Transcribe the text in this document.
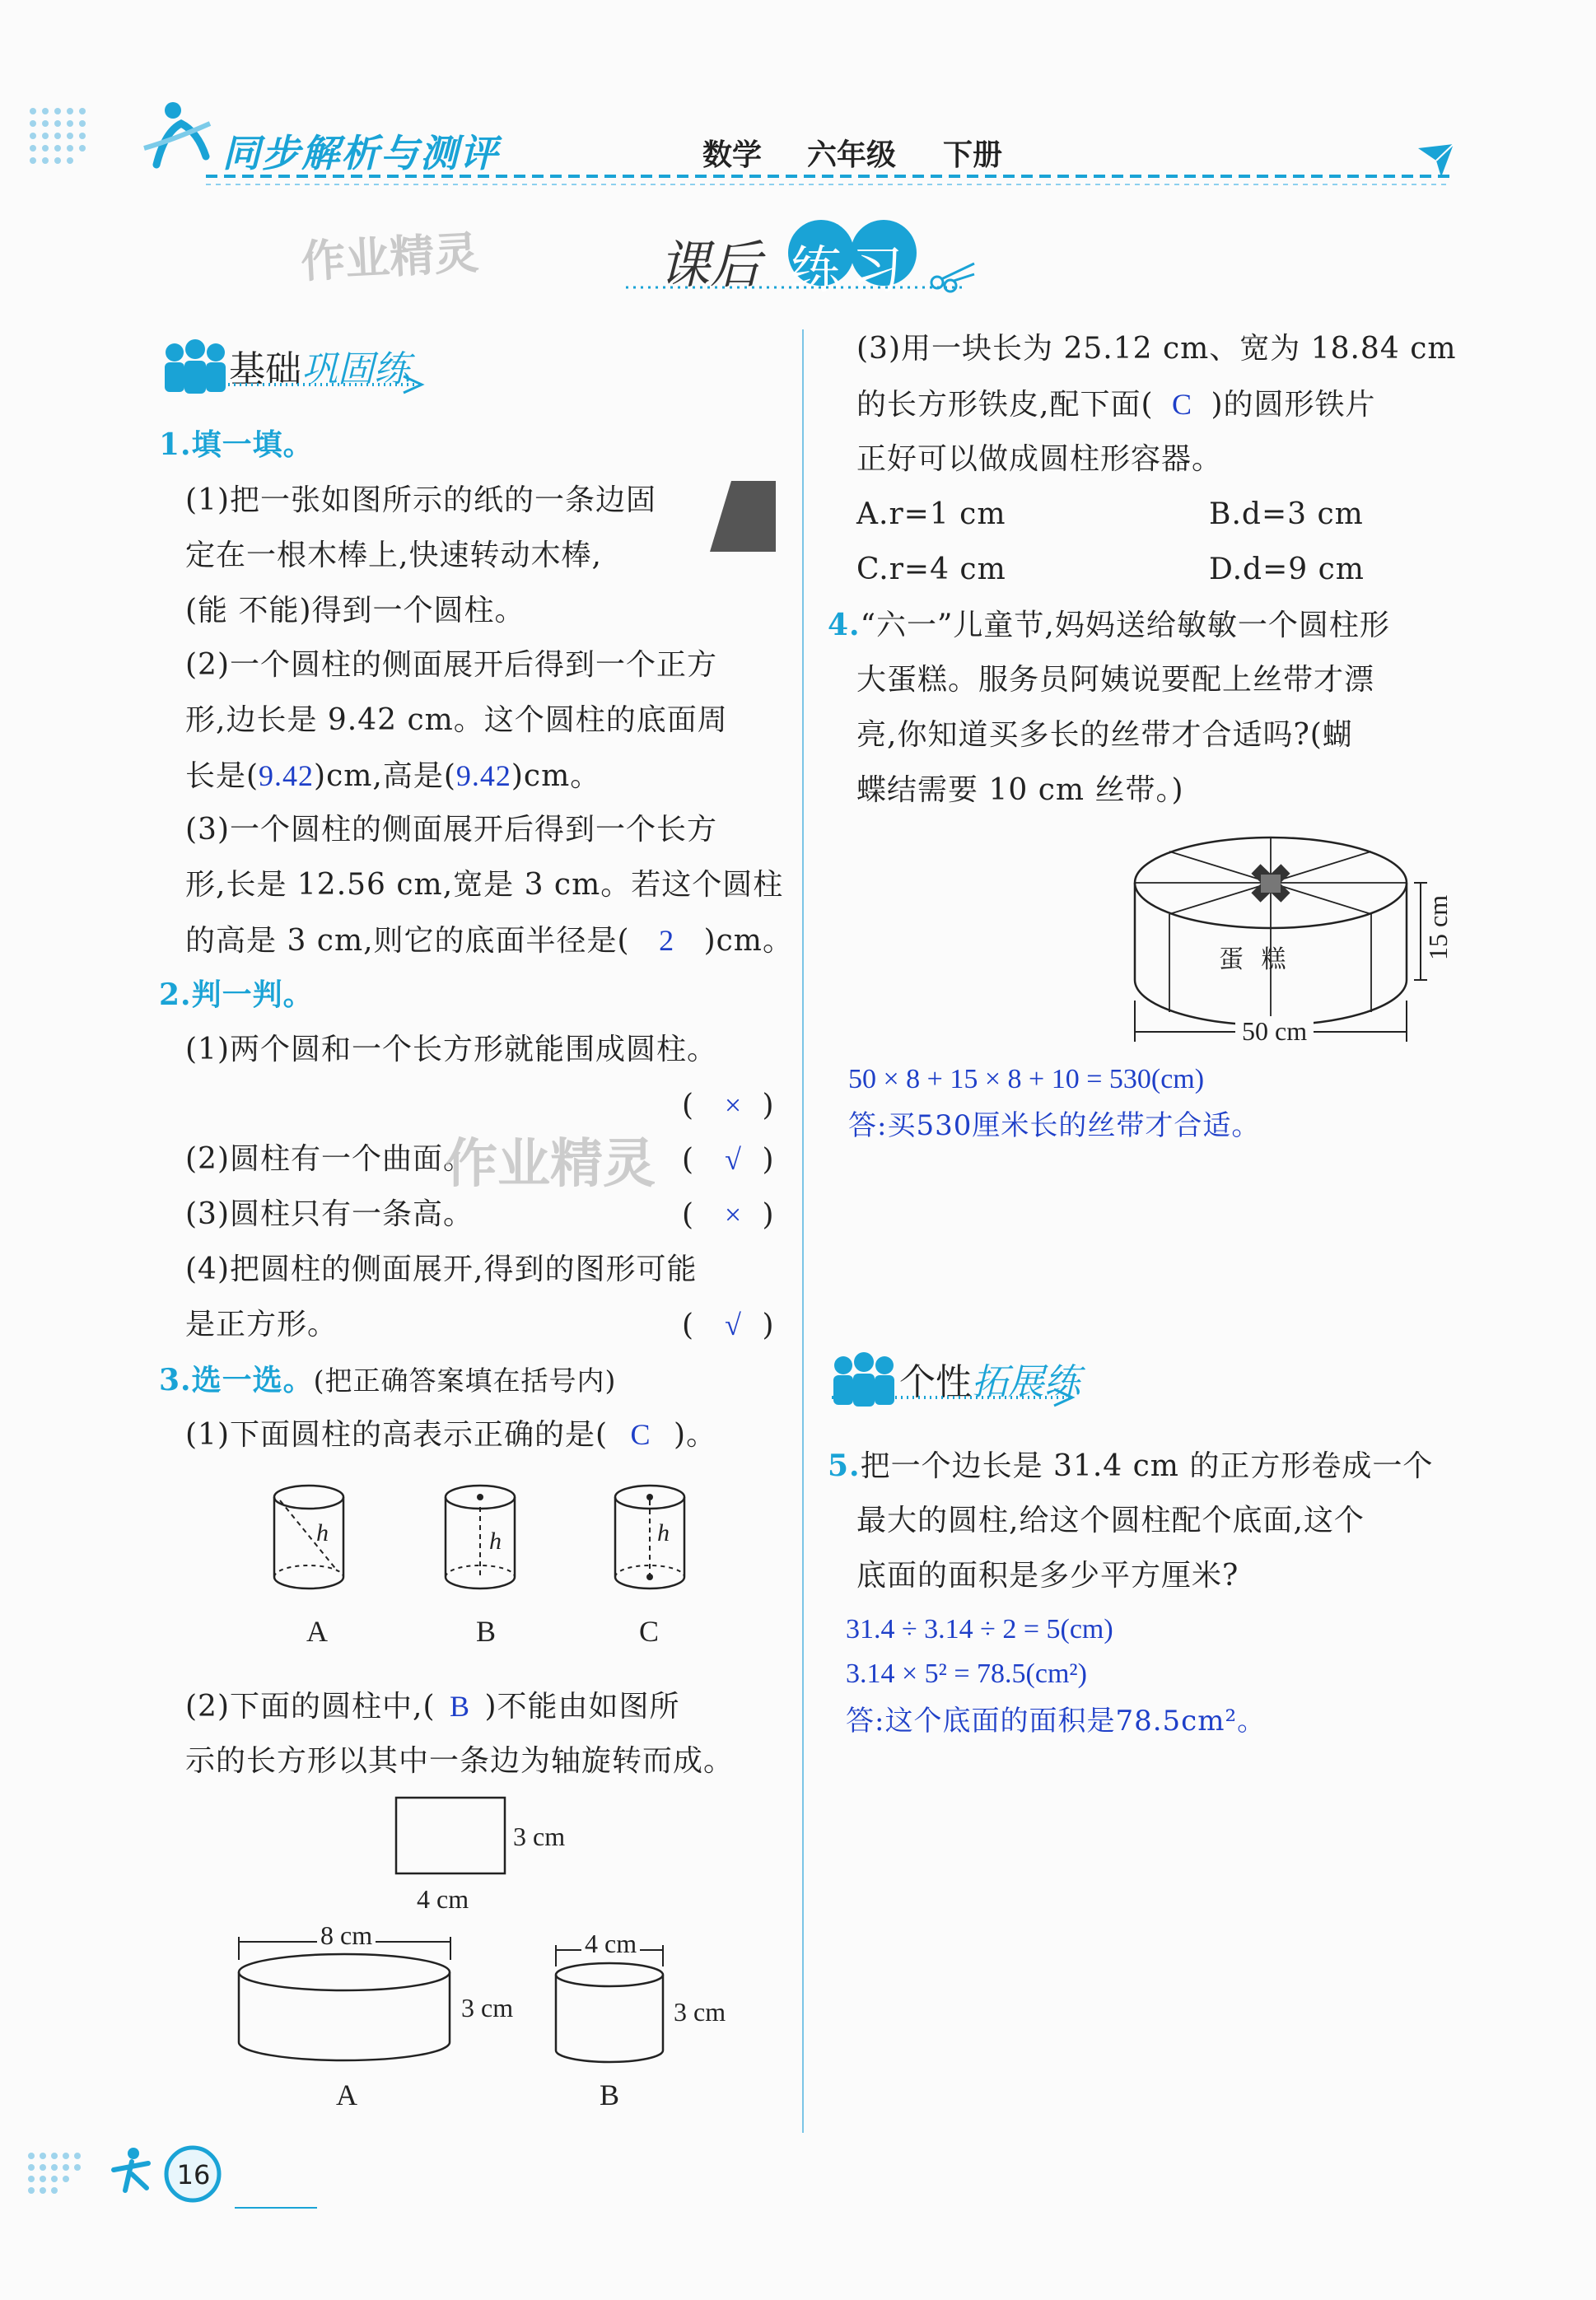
同步解析与测评	数学 六年级 下册
作业精灵	课后 练习
基础巩固练
1.填一填。
(1)把一张如图所示的纸的一条边固
定在一根木棒上,快速转动木棒,
(能 不能)得到一个圆柱。
(2)一个圆柱的侧面展开后得到一个正方
形,边长是 9.42 cm。这个圆柱的底面周
长是(9.42)cm,高是(9.42)cm。
(3)一个圆柱的侧面展开后得到一个长方
形,长是 12.56 cm,宽是 3 cm。若这个圆柱
的高是 3 cm,则它的底面半径是( 2 )cm。
2.判一判。
(1)两个圆和一个长方形就能围成圆柱。
( × )
(2)圆柱有一个曲面。
作业精灵 ( √ )
(3)圆柱只有一条高。	( × )
(4)把圆柱的侧面展开,得到的图形可能
是正方形。	( √ )
3.选一选。(把正确答案填在括号内)
(1)下面圆柱的高表示正确的是( C )。
h
A
h
B
h
C
(2)下面的圆柱中,( B )不能由如图所
示的长方形以其中一条边为轴旋转而成。
3 cm
4 cm
8 cm
3 cm
A
4 cm
3 cm
B
(3)用一块长为 25.12 cm、宽为 18.84 cm
的长方形铁皮,配下面( C )的圆形铁片
正好可以做成圆柱形容器。
A.r=1 cm	B.d=3 cm
C.r=4 cm	D.d=9 cm
4.“六一”儿童节,妈妈送给敏敏一个圆柱形
大蛋糕。服务员阿姨说要配上丝带才漂
亮,你知道买多长的丝带才合适吗?(蝴
蝶结需要 10 cm 丝带。)
蛋 糕	15 cm
50 cm
50 × 8 + 15 × 8 + 10 = 530(cm)
答:买530厘米长的丝带才合适。
个性拓展练
5.把一个边长是 31.4 cm 的正方形卷成一个
最大的圆柱,给这个圆柱配个底面,这个
底面的面积是多少平方厘米?
31.4 ÷ 3.14 ÷ 2 = 5(cm)
3.14 × 5² = 78.5(cm²)
答:这个底面的面积是78.5cm²。
16
